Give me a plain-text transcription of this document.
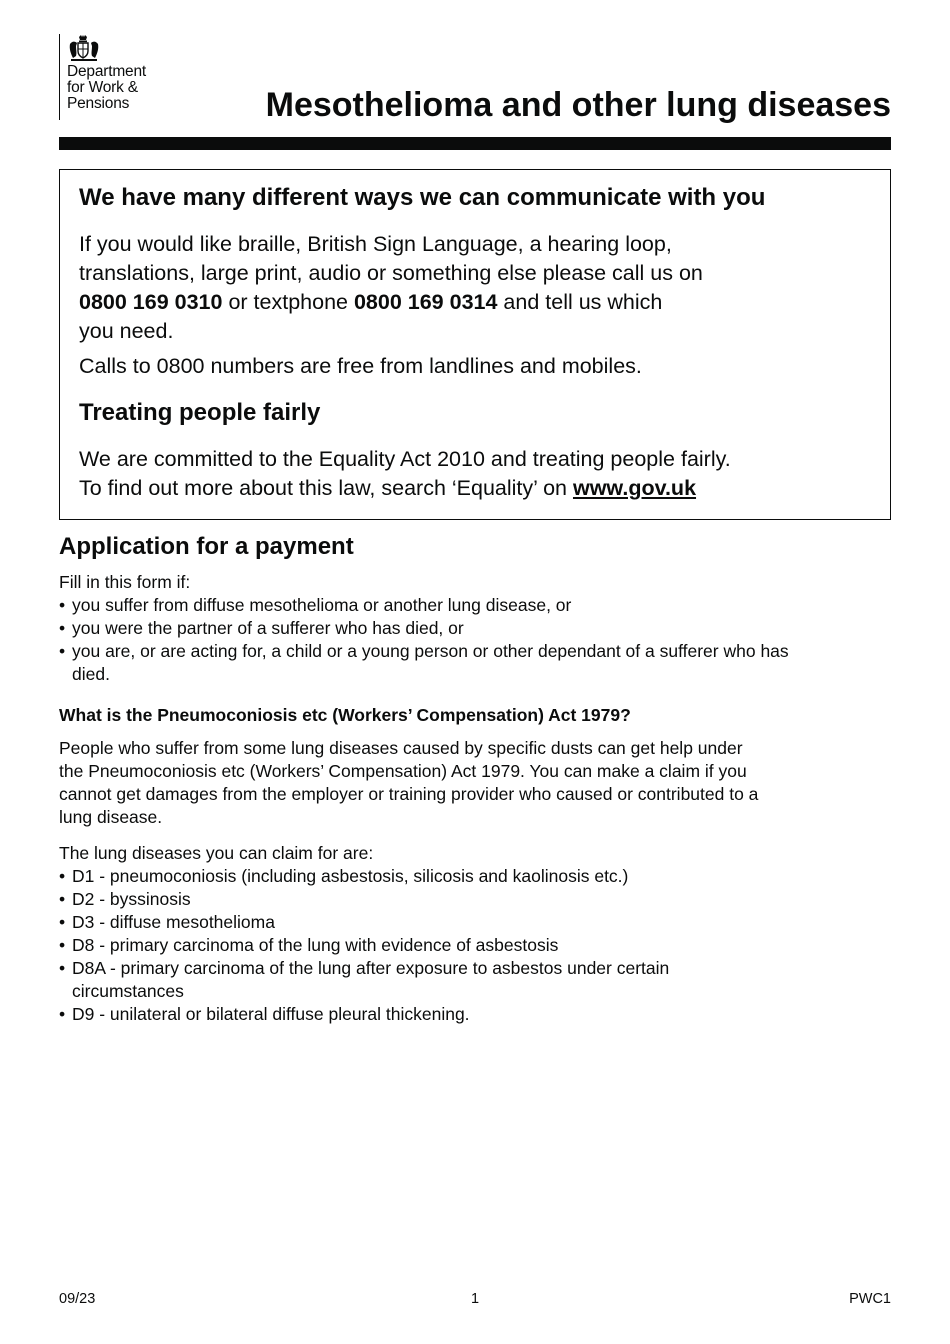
Department
for Work &
Pensions	Mesothelioma and other lung diseases
We have many different ways we can communicate with you

If you would like braille, British Sign Language, a hearing loop,
translations, large print, audio or something else please call us on
0800 169 0310 or textphone 0800 169 0314 and tell us which
you need.

Calls to 0800 numbers are free from landlines and mobiles.

Treating people fairly

We are committed to the Equality Act 2010 and treating people fairly.
To find out more about this law, search ‘Equality’ on www.gov.uk

Application for a payment

Fill in this form if:

• you suffer from diffuse mesothelioma or another lung disease, or
• you were the partner of a sufferer who has died, or
• you are, or are acting for, a child or a young person or other dependant of a sufferer who has died.
What is the Pneumoconiosis etc (Workers’ Compensation) Act 1979?

People who suffer from some lung diseases caused by specific dusts can get help under the Pneumoconiosis etc (Workers’ Compensation) Act 1979. You can make a claim if you cannot get damages from the employer or training provider who caused or contributed to a lung disease.

The lung diseases you can claim for are:

• D1 - pneumoconiosis (including asbestosis, silicosis and kaolinosis etc.)
• D2 - byssinosis
• D3 - diffuse mesothelioma
• D8 - primary carcinoma of the lung with evidence of asbestosis
• D8A - primary carcinoma of the lung after exposure to asbestos under certain circumstances
• D9 - unilateral or bilateral diffuse pleural thickening.
09/23	1	PWC1
